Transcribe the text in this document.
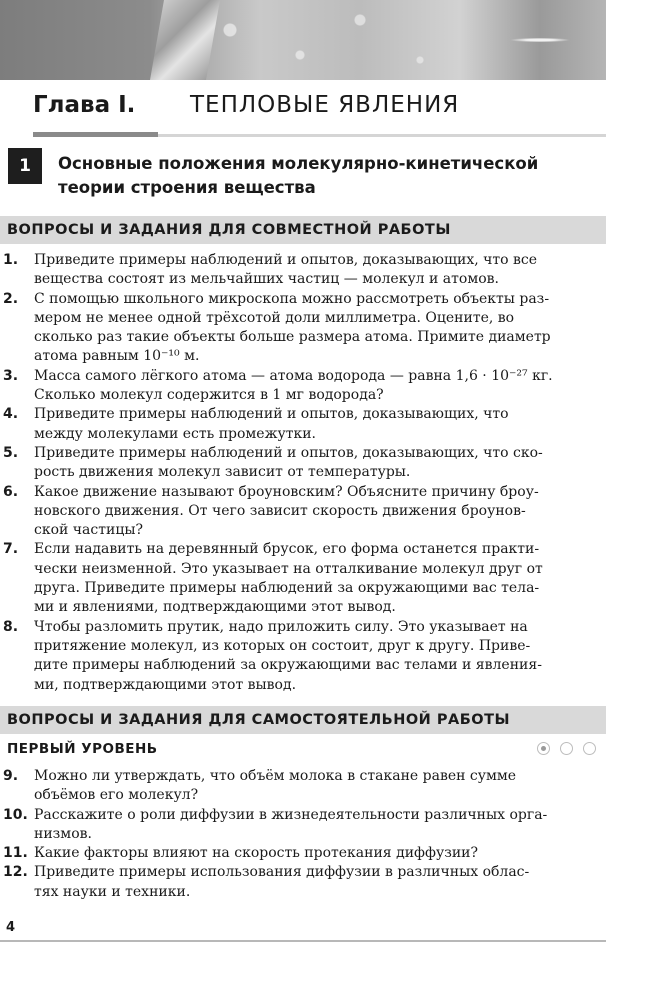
Глава I. ТЕПЛОВЫЕ ЯВЛЕНИЯ
1	Основные положения молекулярно-кинетической
теории строения вещества
ВОПРОСЫ И ЗАДАНИЯ ДЛЯ СОВМЕСТНОЙ РАБОТЫ
1.	Приведите примеры наблюдений и опытов, доказывающих, что все
вещества состоят из мельчайших частиц — молекул и атомов.
2.	С помощью школьного микроскопа можно рассмотреть объекты раз-
мером не менее одной трёхсотой доли миллиметра. Оцените, во
сколько раз такие объекты больше размера атома. Примите диаметр
атома равным 10⁻¹⁰ м.
3.	Масса самого лёгкого атома — атома водорода — равна 1,6 · 10⁻²⁷ кг.
Сколько молекул содержится в 1 мг водорода?
4.	Приведите примеры наблюдений и опытов, доказывающих, что
между молекулами есть промежутки.
5.	Приведите примеры наблюдений и опытов, доказывающих, что ско-
рость движения молекул зависит от температуры.
6.	Какое движение называют броуновским? Объясните причину броу-
новского движения. От чего зависит скорость движения броунов-
ской частицы?
7.	Если надавить на деревянный брусок, его форма останется практи-
чески неизменной. Это указывает на отталкивание молекул друг от
друга. Приведите примеры наблюдений за окружающими вас тела-
ми и явлениями, подтверждающими этот вывод.
8.	Чтобы разломить прутик, надо приложить силу. Это указывает на
притяжение молекул, из которых он состоит, друг к другу. Приве-
дите примеры наблюдений за окружающими вас телами и явления-
ми, подтверждающими этот вывод.
ВОПРОСЫ И ЗАДАНИЯ ДЛЯ САМОСТОЯТЕЛЬНОЙ РАБОТЫ
ПЕРВЫЙ УРОВЕНЬ
9.	Можно ли утверждать, что объём молока в стакане равен сумме
объёмов его молекул?
10. Расскажите о роли диффузии в жизнедеятельности различных орга-
низмов.
11. Какие факторы влияют на скорость протекания диффузии?
12. Приведите примеры использования диффузии в различных облас-
тях науки и техники.
4
